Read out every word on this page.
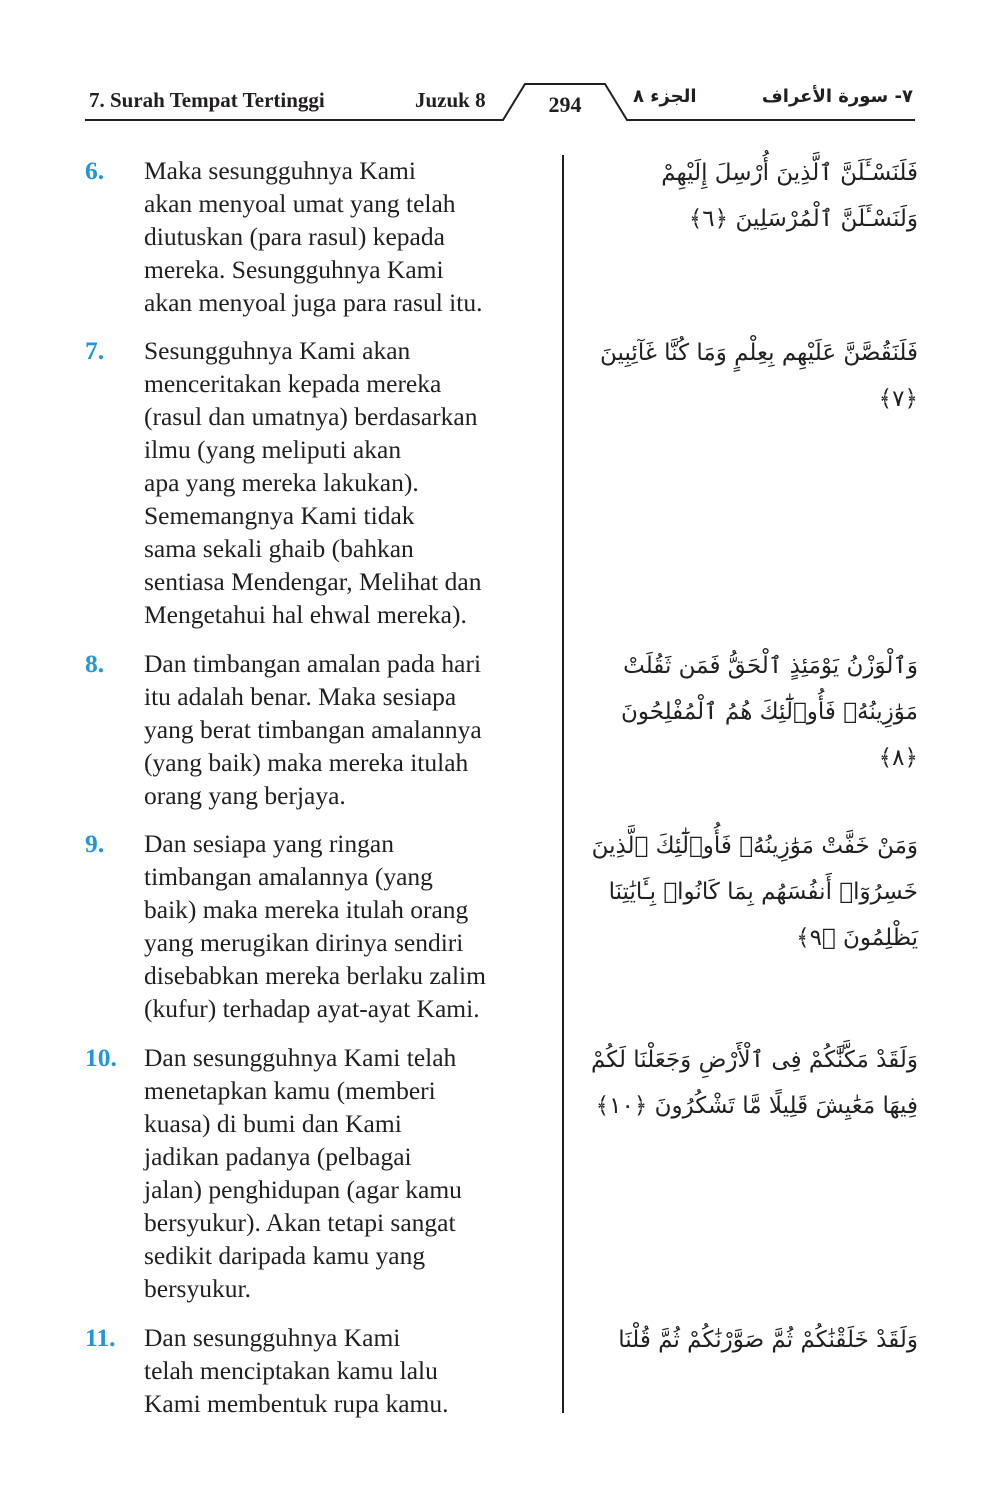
7. Surah Tempat Tertinggi	Juzuk 8	294	الجزء ٨	٧- سورة الأعراف
6.	Maka sesungguhnya Kami
akan menyoal umat yang telah
diutuskan (para rasul) kepada
mereka. Sesungguhnya Kami
akan menyoal juga para rasul itu.
فَلَنَسْـَٔلَنَّ ٱلَّذِينَ أُرْسِلَ إِلَيْهِمْ وَلَنَسْـَٔلَنَّ ٱلْمُرْسَلِينَ ﴿٦﴾
7.	Sesungguhnya Kami akan
menceritakan kepada mereka
(rasul dan umatnya) berdasarkan
ilmu (yang meliputi akan
apa yang mereka lakukan).
Sememangnya Kami tidak
sama sekali ghaib (bahkan
sentiasa Mendengar, Melihat dan
Mengetahui hal ehwal mereka).
فَلَنَقُصَّنَّ عَلَيْهِم بِعِلْمٍ وَمَا كُنَّا غَآئِبِينَ ﴿٧﴾
8.	Dan timbangan amalan pada hari
itu adalah benar. Maka sesiapa
yang berat timbangan amalannya
(yang baik) maka mereka itulah
orang yang berjaya.
وَٱلْوَزْنُ يَوْمَئِذٍ ٱلْحَقُّ فَمَن ثَقُلَتْ مَوَٰزِينُهُۥ فَأُو۟لَٰٓئِكَ هُمُ ٱلْمُفْلِحُونَ ﴿٨﴾
9.	Dan sesiapa yang ringan
timbangan amalannya (yang
baik) maka mereka itulah orang
yang merugikan dirinya sendiri
disebabkan mereka berlaku zalim
(kufur) terhadap ayat-ayat Kami.
وَمَنْ خَفَّتْ مَوَٰزِينُهُۥ فَأُو۟لَٰٓئِكَ ٱلَّذِينَ خَسِرُوٓا۟ أَنفُسَهُم بِمَا كَانُوا۟ بِـَٔايَٰتِنَا يَظْلِمُونَ ﴿٩﴾
10.	Dan sesungguhnya Kami telah
menetapkan kamu (memberi
kuasa) di bumi dan Kami
jadikan padanya (pelbagai
jalan) penghidupan (agar kamu
bersyukur). Akan tetapi sangat
sedikit daripada kamu yang
bersyukur.
وَلَقَدْ مَكَّنَّٰكُمْ فِى ٱلْأَرْضِ وَجَعَلْنَا لَكُمْ فِيهَا مَعَٰيِشَ قَلِيلًا مَّا تَشْكُرُونَ ﴿١٠﴾
11.	Dan sesungguhnya Kami
telah menciptakan kamu lalu
Kami membentuk rupa kamu.
وَلَقَدْ خَلَقْنَٰكُمْ ثُمَّ صَوَّرْنَٰكُمْ ثُمَّ قُلْنَا
